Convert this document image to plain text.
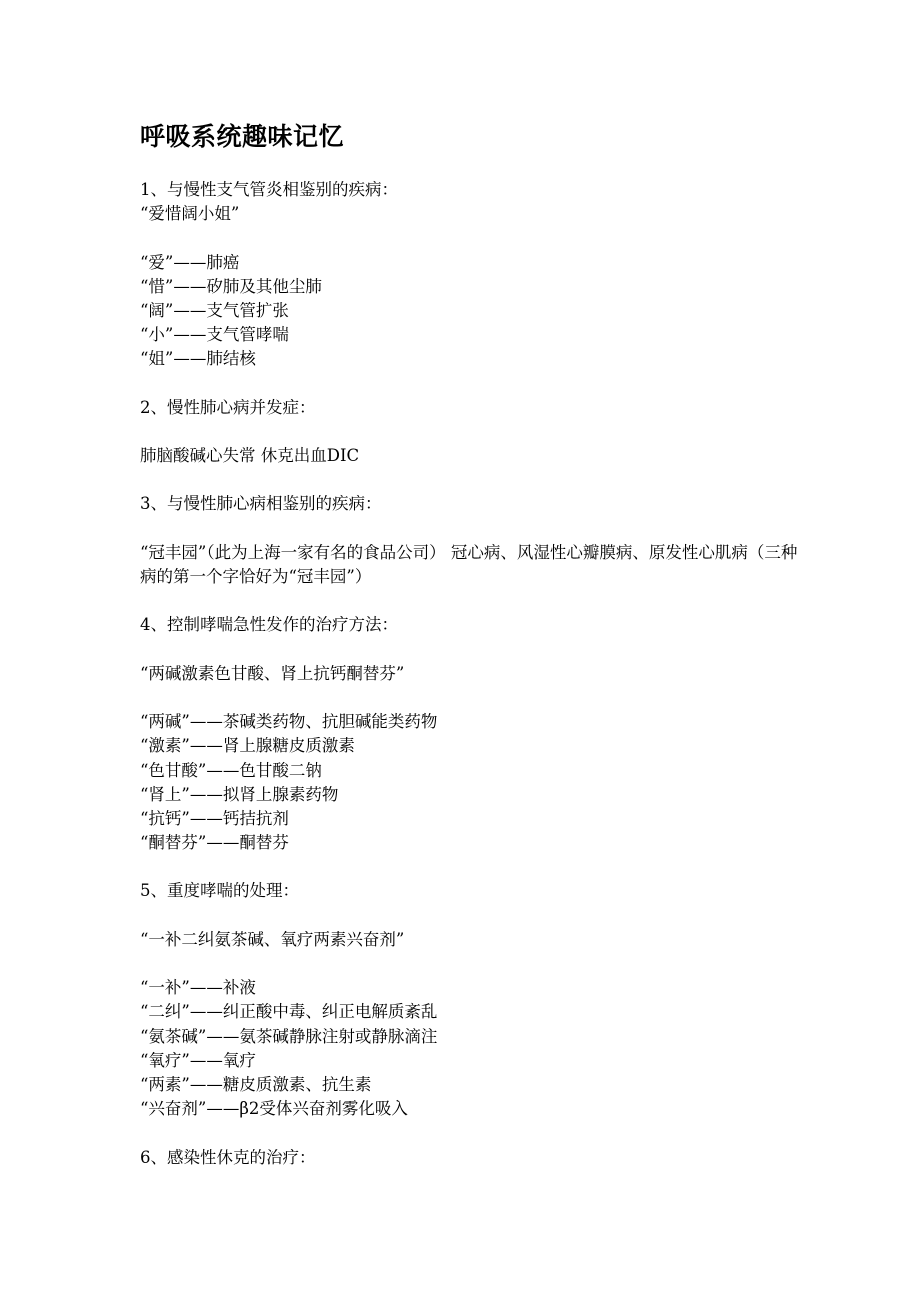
呼吸系统趣味记忆
1、与慢性支气管炎相鉴别的疾病：
“爱惜阔小姐”
“爱”——肺癌
“惜”——矽肺及其他尘肺
“阔”——支气管扩张
“小”——支气管哮喘
“姐”——肺结核
2、慢性肺心病并发症：
肺脑酸碱心失常 休克出血DIC
3、与慢性肺心病相鉴别的疾病：
“冠丰园”（此为上海一家有名的食品公司） 冠心病、风湿性心瓣膜病、原发性心肌病（三种病的第一个字恰好为“冠丰园”）
4、控制哮喘急性发作的治疗方法：
“两碱激素色甘酸、肾上抗钙酮替芬”
“两碱”——茶碱类药物、抗胆碱能类药物
“激素”——肾上腺糖皮质激素
“色甘酸”——色甘酸二钠
“肾上”——拟肾上腺素药物
“抗钙”——钙拮抗剂
“酮替芬”——酮替芬
5、重度哮喘的处理：
“一补二纠氨茶碱、氧疗两素兴奋剂”
“一补”——补液
“二纠”——纠正酸中毒、纠正电解质紊乱
“氨茶碱”——氨茶碱静脉注射或静脉滴注
“氧疗”——氧疗
“两素”——糖皮质激素、抗生素
“兴奋剂”——β2受体兴奋剂雾化吸入
6、感染性休克的治疗：
